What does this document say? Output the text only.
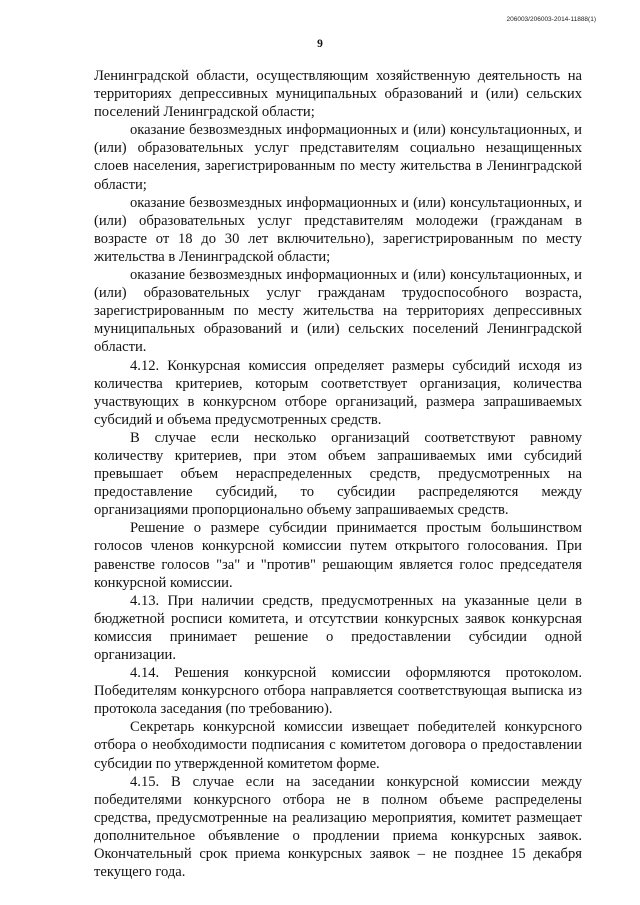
206003/206003-2014-11888(1)
9

Ленинградской области, осуществляющим хозяйственную деятельность на территориях депрессивных муниципальных образований и (или) сельских поселений Ленинградской области;

оказание безвозмездных информационных и (или) консультационных, и (или) образовательных услуг представителям социально незащищенных слоев населения, зарегистрированным по месту жительства в Ленинградской области;

оказание безвозмездных информационных и (или) консультационных, и (или) образовательных услуг представителям молодежи (гражданам в возрасте от 18 до 30 лет включительно), зарегистрированным по месту жительства в Ленинградской области;

оказание безвозмездных информационных и (или) консультационных, и (или) образовательных услуг гражданам трудоспособного возраста, зарегистрированным по месту жительства на территориях депрессивных муниципальных образований и (или) сельских поселений Ленинградской области.

4.12. Конкурсная комиссия определяет размеры субсидий исходя из количества критериев, которым соответствует организация, количества участвующих в конкурсном отборе организаций, размера запрашиваемых субсидий и объема предусмотренных средств.

В случае если несколько организаций соответствуют равному количеству критериев, при этом объем запрашиваемых ими субсидий превышает объем нераспределенных средств, предусмотренных на предоставление субсидий, то субсидии распределяются между организациями пропорционально объему запрашиваемых средств.

Решение о размере субсидии принимается простым большинством голосов членов конкурсной комиссии путем открытого голосования. При равенстве голосов "за" и "против" решающим является голос председателя конкурсной комиссии.

4.13. При наличии средств, предусмотренных на указанные цели в бюджетной росписи комитета, и отсутствии конкурсных заявок конкурсная комиссия принимает решение о предоставлении субсидии одной организации.

4.14. Решения конкурсной комиссии оформляются протоколом. Победителям конкурсного отбора направляется соответствующая выписка из протокола заседания (по требованию).

Секретарь конкурсной комиссии извещает победителей конкурсного отбора о необходимости подписания с комитетом договора о предоставлении субсидии по утвержденной комитетом форме.

4.15. В случае если на заседании конкурсной комиссии между победителями конкурсного отбора не в полном объеме распределены средства, предусмотренные на реализацию мероприятия, комитет размещает дополнительное объявление о продлении приема конкурсных заявок. Окончательный срок приема конкурсных заявок – не позднее 15 декабря текущего года.
